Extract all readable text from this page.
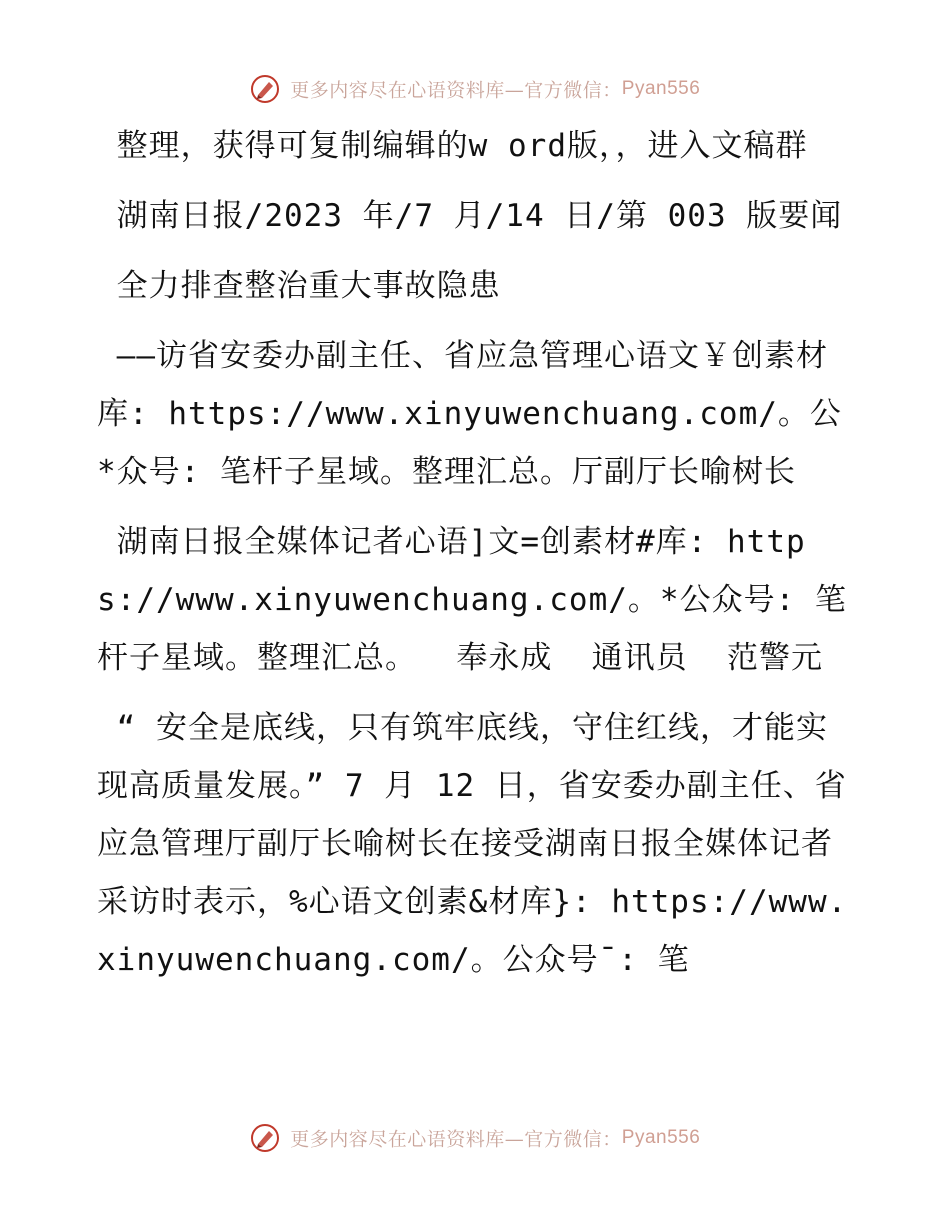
更多内容尽在心语资料库—官方微信：Pyan556

整理，获得可复制编辑的w ord版，，进入文稿群

湖南日报/2023 年/7 月/14 日/第 003 版要闻

全力排查整治重大事故隐患

——访省安委办副主任、省应急管理心语文￥创素材库: https://www.xinyuwenchuang.com/。公*众号: 笔杆子星域。整理汇总。厅副厅长喻树长

湖南日报全媒体记者心语]文=创素材#库: https://www.xinyuwenchuang.com/。*公众号: 笔杆子星域。整理汇总。  奉永成  通讯员  范警元

“ 安全是底线，只有筑牢底线，守住红线，才能实现高质量发展。” 7 月 12 日，省安委办副主任、省应急管理厅副厅长喻树长在接受湖南日报全媒体记者采访时表示，%心语文创素&材库}: https://www.xinyuwenchuang.com/。公众号¯: 笔

更多内容尽在心语资料库—官方微信：Pyan556
